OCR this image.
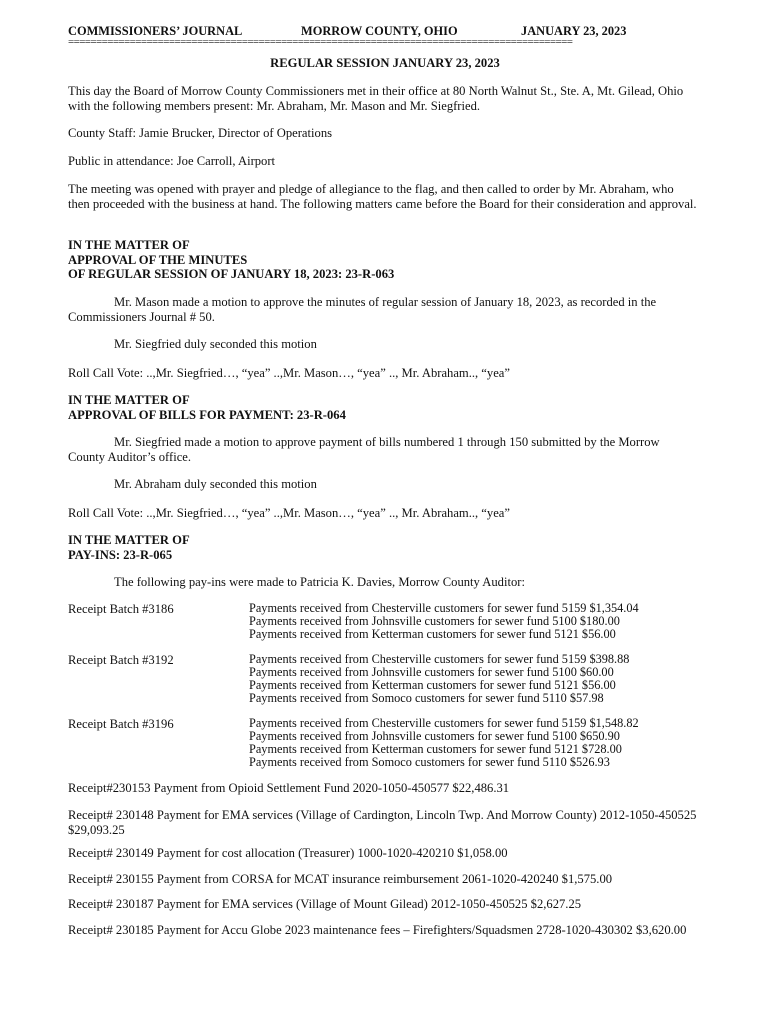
COMMISSIONERS’ JOURNAL	MORROW COUNTY, OHIO	JANUARY 23, 2023
==========================================================================================
REGULAR SESSION JANUARY 23, 2023
This day the Board of Morrow County Commissioners met in their office at 80 North Walnut St., Ste. A, Mt. Gilead, Ohio with the following members present: Mr. Abraham, Mr. Mason and Mr. Siegfried.
County Staff: Jamie Brucker, Director of Operations
Public in attendance: Joe Carroll, Airport
The meeting was opened with prayer and pledge of allegiance to the flag, and then called to order by Mr. Abraham, who then proceeded with the business at hand. The following matters came before the Board for their consideration and approval.
IN THE MATTER OF
APPROVAL OF THE MINUTES
OF REGULAR SESSION OF JANUARY 18, 2023: 23-R-063
Mr. Mason made a motion to approve the minutes of regular session of January 18, 2023, as recorded in the Commissioners Journal # 50.
Mr. Siegfried duly seconded this motion
Roll Call Vote: ..,Mr. Siegfried…, “yea” ..,Mr. Mason…, “yea” .., Mr. Abraham.., “yea”
IN THE MATTER OF
APPROVAL OF BILLS FOR PAYMENT: 23-R-064
Mr. Siegfried made a motion to approve payment of bills numbered 1 through 150 submitted by the Morrow County Auditor’s office.
Mr. Abraham duly seconded this motion
Roll Call Vote: ..,Mr. Siegfried…, “yea” ..,Mr. Mason…, “yea” .., Mr. Abraham.., “yea”
IN THE MATTER OF
PAY-INS: 23-R-065
The following pay-ins were made to Patricia K. Davies, Morrow County Auditor:
Receipt Batch #3186	Payments received from Chesterville customers for sewer fund 5159 $1,354.04
Payments received from Johnsville customers for sewer fund 5100 $180.00
Payments received from Ketterman customers for sewer fund 5121 $56.00
Receipt Batch #3192	Payments received from Chesterville customers for sewer fund 5159 $398.88
Payments received from Johnsville customers for sewer fund 5100 $60.00
Payments received from Ketterman customers for sewer fund 5121 $56.00
Payments received from Somoco customers for sewer fund 5110 $57.98
Receipt Batch #3196	Payments received from Chesterville customers for sewer fund 5159 $1,548.82
Payments received from Johnsville customers for sewer fund 5100 $650.90
Payments received from Ketterman customers for sewer fund 5121 $728.00
Payments received from Somoco customers for sewer fund 5110 $526.93
Receipt#230153 Payment from Opioid Settlement Fund 2020-1050-450577 $22,486.31
Receipt# 230148 Payment for EMA services (Village of Cardington, Lincoln Twp. And Morrow County) 2012-1050-450525 $29,093.25
Receipt# 230149 Payment for cost allocation (Treasurer) 1000-1020-420210 $1,058.00
Receipt# 230155 Payment from CORSA for MCAT insurance reimbursement 2061-1020-420240 $1,575.00
Receipt# 230187 Payment for EMA services (Village of Mount Gilead) 2012-1050-450525 $2,627.25
Receipt# 230185 Payment for Accu Globe 2023 maintenance fees – Firefighters/Squadsmen 2728-1020-430302 $3,620.00
